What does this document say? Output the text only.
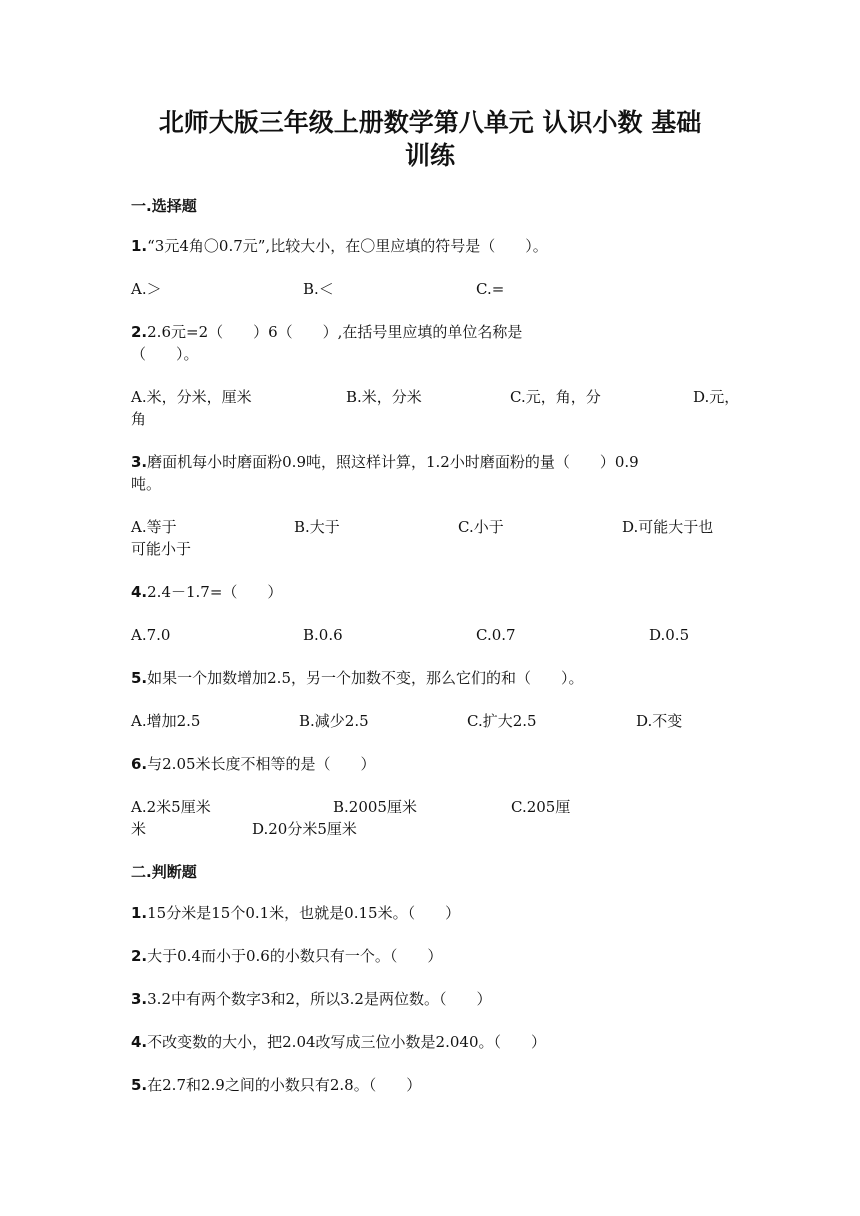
北师大版三年级上册数学第八单元 认识小数 基础
训练
一.选择题
1.“3元4角〇0.7元”,比较大小，在〇里应填的符号是（　　）。
A.＞	B.＜	C.=
2.2.6元=2（　　）6（　　）,在括号里应填的单位名称是
（　　）。
A.米，分米，厘米	B.米，分米	C.元，角，分	D.元，
角
3.磨面机每小时磨面粉0.9吨，照这样计算，1.2小时磨面粉的量（　　）0.9
吨。
A.等于	B.大于	C.小于	D.可能大于也
可能小于
4.2.4－1.7=（　　）
A.7.0	B.0.6	C.0.7	D.0.5
5.如果一个加数增加2.5，另一个加数不变，那么它们的和（　　）。
A.增加2.5	B.减少2.5	C.扩大2.5	D.不变
6.与2.05米长度不相等的是（　　）
A.2米5厘米	B.2005厘米	C.205厘
米	D.20分米5厘米
二.判断题
1.15分米是15个0.1米，也就是0.15米。（　　）
2.大于0.4而小于0.6的小数只有一个。（　　）
3.3.2中有两个数字3和2，所以3.2是两位数。（　　）
4.不改变数的大小，把2.04改写成三位小数是2.040。（　　）
5.在2.7和2.9之间的小数只有2.8。（　　）
